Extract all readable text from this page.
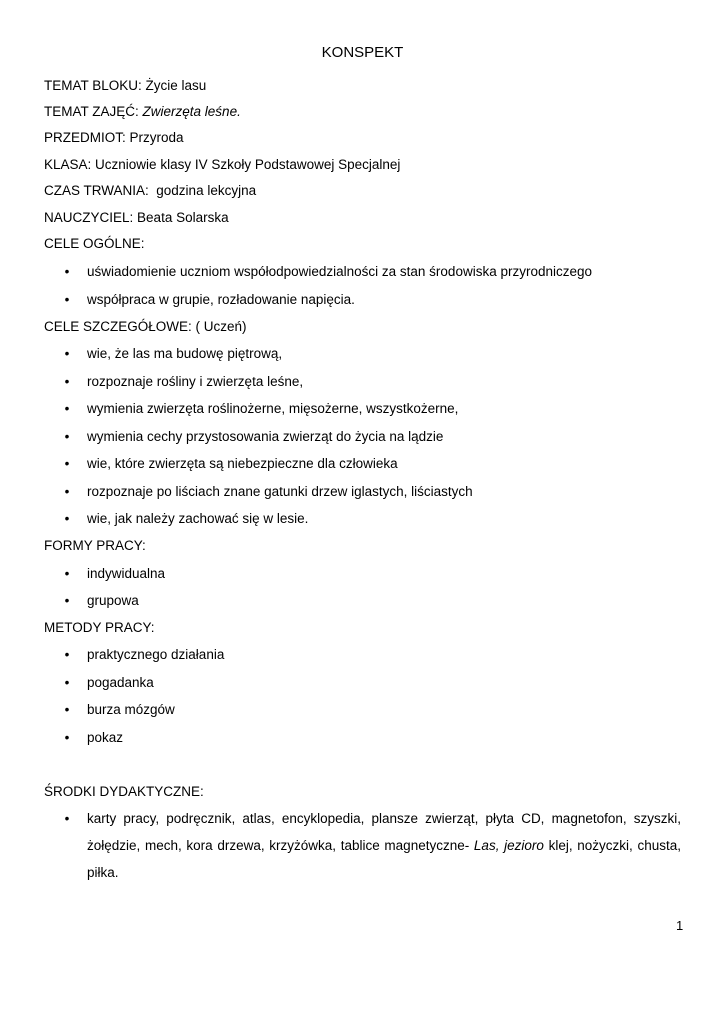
KONSPEKT
TEMAT BLOKU: Życie lasu
TEMAT ZAJĘĆ: Zwierzęta leśne.
PRZEDMIOT: Przyroda
KLASA: Uczniowie klasy IV Szkoły Podstawowej Specjalnej
CZAS TRWANIA: godzina lekcyjna
NAUCZYCIEL: Beata Solarska
CELE OGÓLNE:
• uświadomienie uczniom współodpowiedzialności za stan środowiska przyrodniczego
• współpraca w grupie, rozładowanie napięcia.
CELE SZCZEGÓŁOWE: ( Uczeń)
• wie, że las ma budowę piętrową,
• rozpoznaje rośliny i zwierzęta leśne,
• wymienia zwierzęta roślinożerne, mięsożerne, wszystkożerne,
• wymienia cechy przystosowania zwierząt do życia na lądzie
• wie, które zwierzęta są niebezpieczne dla człowieka
• rozpoznaje po liściach znane gatunki drzew iglastych, liściastych
• wie, jak należy zachować się w lesie.
FORMY PRACY:
• indywidualna
• grupowa
METODY PRACY:
• praktycznego działania
• pogadanka
• burza mózgów
• pokaz
ŚRODKI DYDAKTYCZNE:
• karty pracy, podręcznik, atlas, encyklopedia, plansze zwierząt, płyta CD, magnetofon, szyszki,
żołędzie, mech, kora drzewa, krzyżówka, tablice magnetyczne- Las, jezioro klej, nożyczki, chusta,
piłka.
1
